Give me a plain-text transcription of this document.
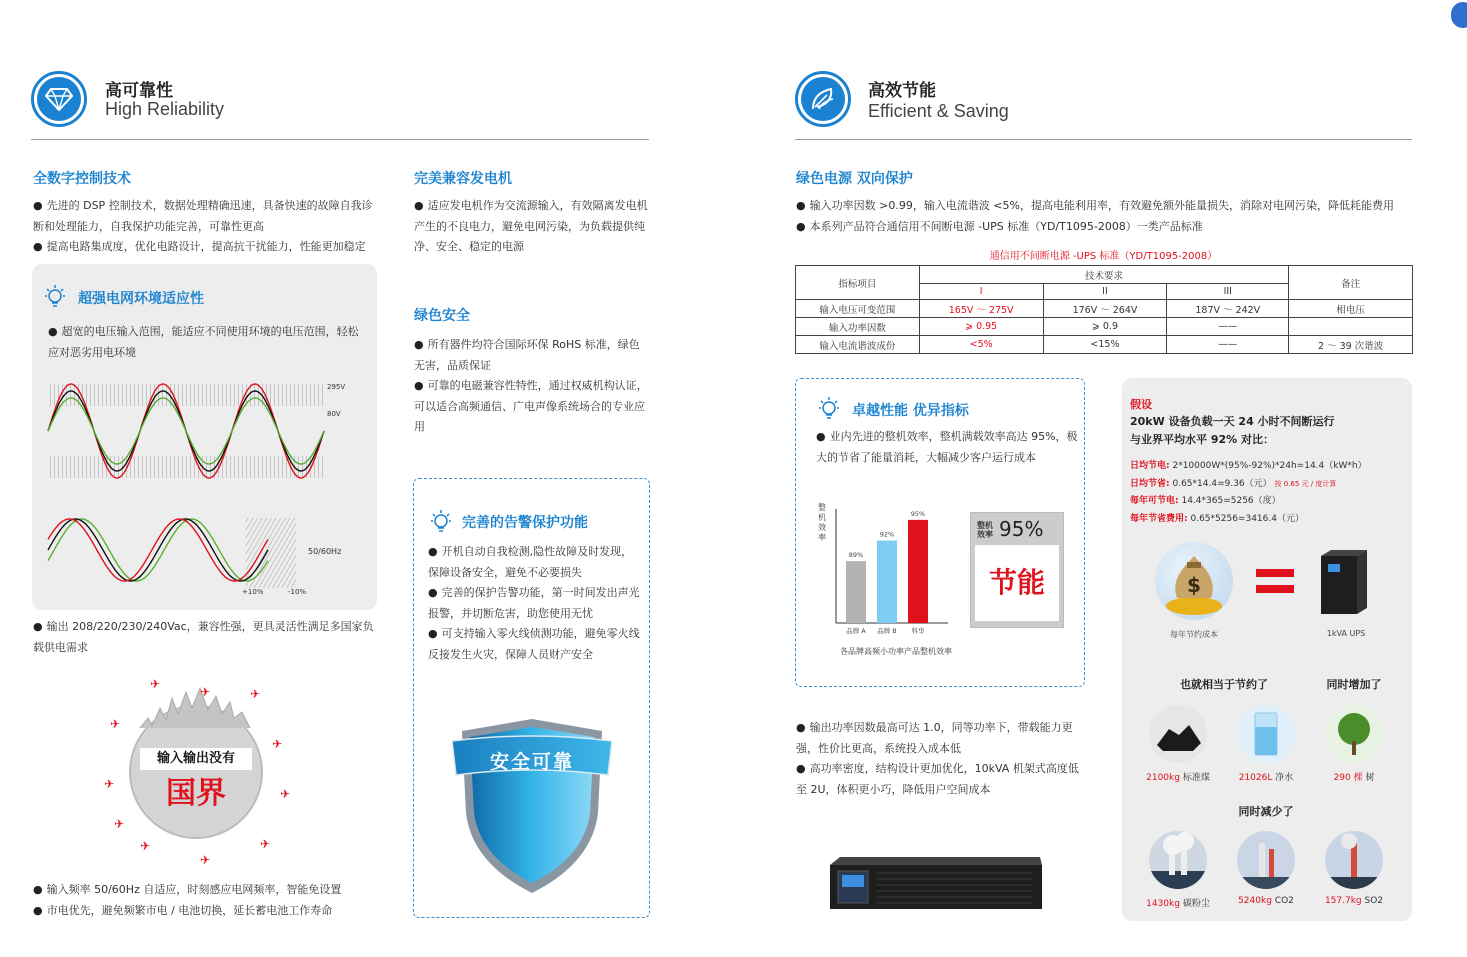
高可靠性
High Reliability
全数字控制技术
● 先进的 DSP 控制技术，数据处理精确迅速，具备快速的故障自我诊断和处理能力，自我保护功能完善，可靠性更高
● 提高电路集成度，优化电路设计，提高抗干扰能力，性能更加稳定
超强电网环境适应性
● 超宽的电压输入范围，能适应不同使用环境的电压范围，轻松应对恶劣用电环境
295V
80V
50/60Hz
+10%	-10%
● 输出 208/220/230/240Vac，兼容性强，更具灵活性满足多国家负载供电需求
✈
✈	✈
✈
✈
✈
✈
✈
✈
✈
✈
输入输出没有
国界
● 输入频率 50/60Hz 自适应，时刻感应电网频率，智能免设置
● 市电优先，避免频繁市电 / 电池切换，延长蓄电池工作寿命
完美兼容发电机
● 适应发电机作为交流源输入，有效隔离发电机产生的不良电力，避免电网污染，为负载提供纯净、安全、稳定的电源
绿色安全
● 所有器件均符合国际环保 RoHS 标准，绿色无害，品质保证
● 可靠的电磁兼容性特性，通过权威机构认证，可以适合高频通信、广电声像系统场合的专业应用
完善的告警保护功能
● 开机自动自我检测,隐性故障及时发现，保障设备安全，避免不必要损失
● 完善的保护告警功能，第一时间发出声光报警，并切断危害，助您使用无忧
● 可支持输入零火线侦测功能，避免零火线反接发生火灾，保障人员财产安全
安全可靠
高效节能
Efficient & Saving
绿色电源 双向保护
● 输入功率因数 >0.99，输入电流谐波 <5%，提高电能利用率，有效避免额外能量损失，消除对电网污染，降低耗能费用
● 本系列产品符合通信用不间断电源 -UPS 标准（YD/T1095-2008）一类产品标准
通信用不间断电源 -UPS 标准（YD/T1095-2008）
指标项目	技术要求			备注
	I	II	III	
输入电压可变范围	165V ～ 275V	176V ～ 264V	187V ～ 242V	相电压
输入功率因数	⩾ 0.95	⩾ 0.9	——	
输入电流谐波成份	<5%	<15%	——	2 ～ 39 次谐波
卓越性能 优异指标
● 业内先进的整机效率，整机满载效率高达 95%，极大的节省了能量消耗，大幅减少客户运行成本
整机效率
89%
品牌 A
92%
品牌 B
95%
科华
各品牌高频小功率产品整机效率
整机效率 95%
节能
● 输出功率因数最高可达 1.0，同等功率下，带载能力更强，性价比更高，系统投入成本低
● 高功率密度，结构设计更加优化，10kVA 机架式高度低至 2U，体积更小巧，降低用户空间成本
假设
20kW 设备负载一天 24 小时不间断运行
与业界平均水平 92% 对比：
日均节电: 2*10000W*(95%-92%)*24h=14.4（kW*h）
日均节省: 0.65*14.4=9.36（元） 按 0.65 元 / 度计算
每年可节电: 14.4*365=5256（度）
每年节省费用: 0.65*5256=3416.4（元）
$
每年节约成本	1kVA UPS
也就相当于节约了	同时增加了
2100kg 标准煤	21026L 净水	290 棵 树
同时减少了
1430kg 碳粉尘	5240kg CO2	157.7kg SO2
